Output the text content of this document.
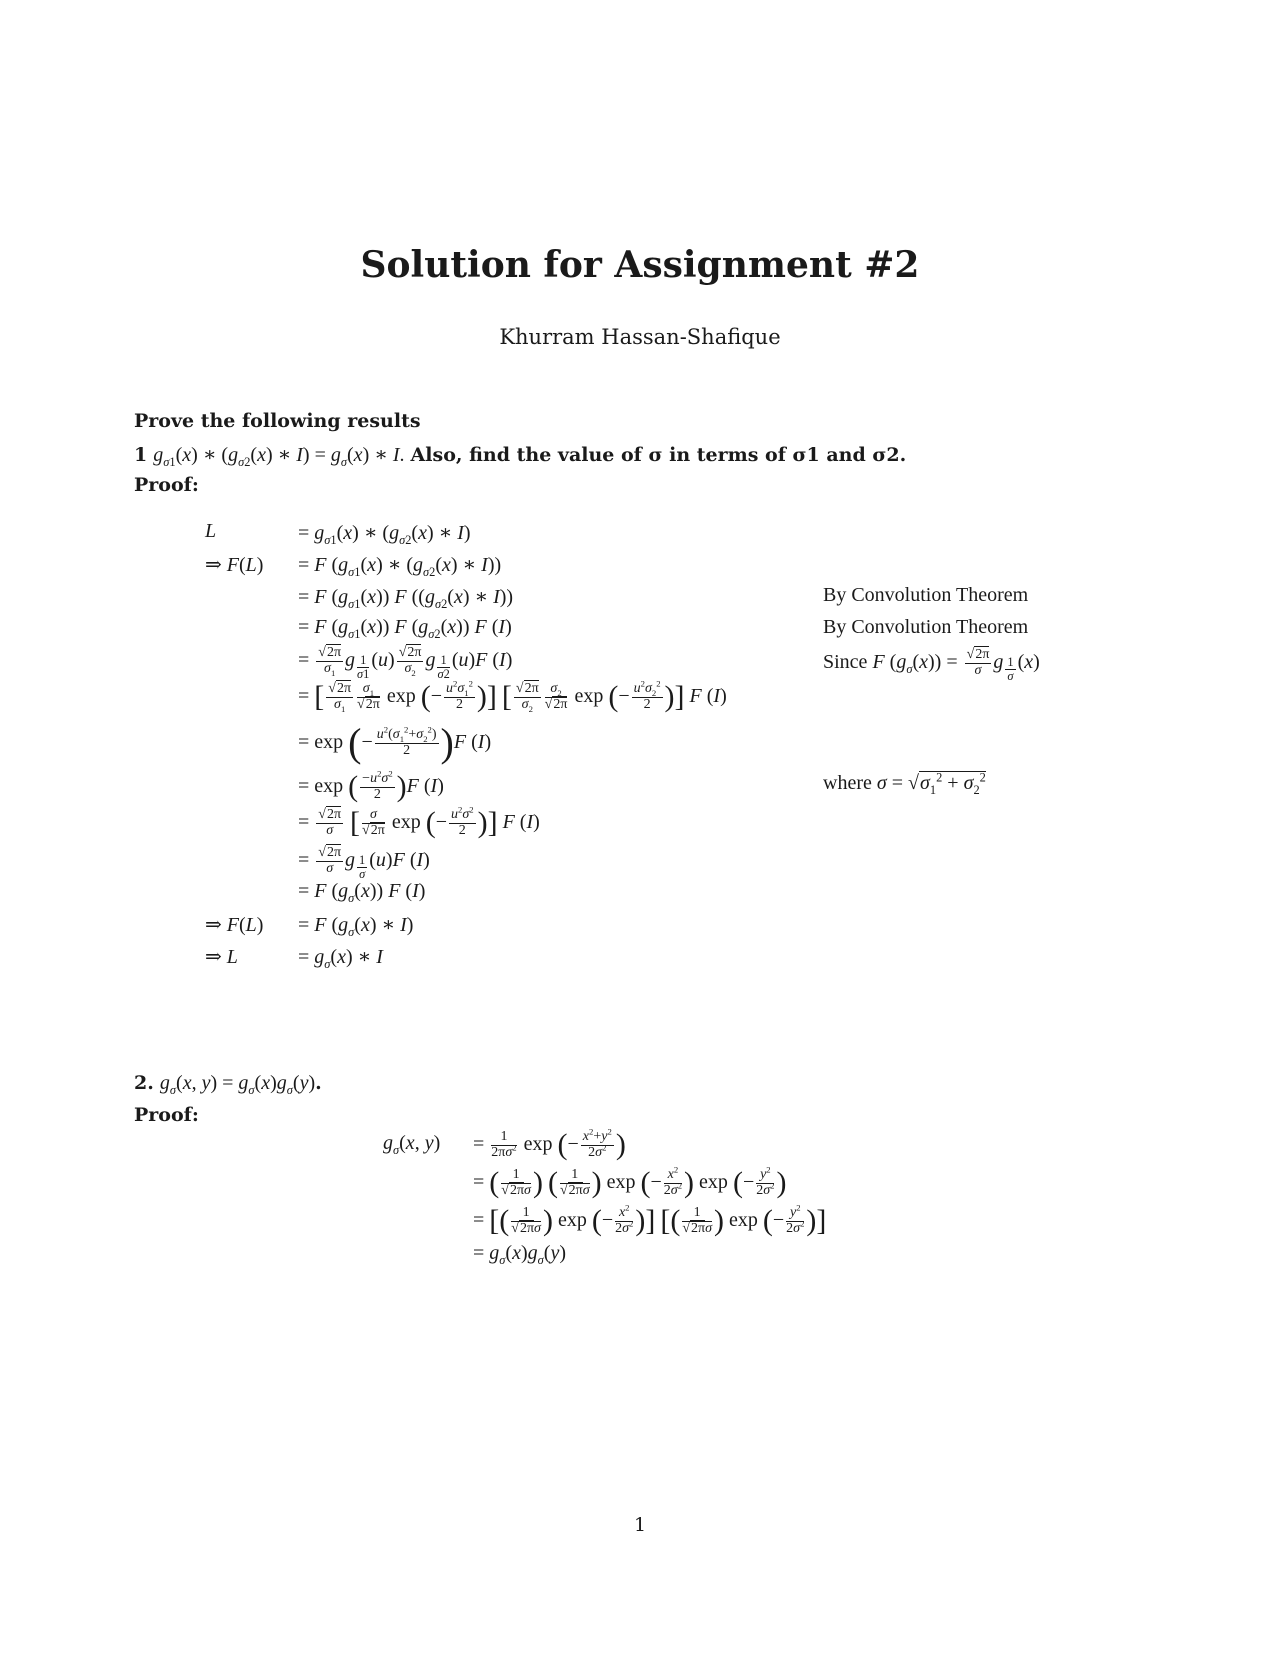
Solution for Assignment #2
Khurram Hassan-Shafique
Prove the following results
1 $g_{\sigma 1}(x)$ ∗ ($g_{\sigma 2}(x)$ ∗ $I) = g_\sigma(x)$ ∗ I. Also, find the value of σ in terms of σ1 and σ2.
Proof:
L	= $g_{\sigma 1}(x)$ ∗ ($g_{\sigma 2}(x)$ ∗ I)
⇒ F(L) = F ($g_{\sigma 1}(x)$ ∗ ($g_{\sigma 2}(x)$ ∗ I))
= F $(g_{\sigma 1}(x))$ F (($g_{\sigma 2}(x)$ ∗ I))	By Convolution Theorem
= F $(g_{\sigma 1}(x))$ F $(g_{\sigma 2}(x))$ F (I)	By Convolution Theorem
= $\frac{√2\pi}{\sigma_1}$ g $_{\frac{1}{\sigma 1}}$ $(u) \frac{√2\pi}{\sigma_2}$ g $_{\frac{1}{\sigma 2}}$ (u)F (I)	Since F $(g_\sigma(x)) = \frac{√2\pi}{\sigma}$ g $_{\frac{1}{\sigma}}$ (x)
= [ $\frac{√2\pi}{\sigma_1} \frac{\sigma_1}{√2\pi}$ exp (− $\frac{u^2\sigma_1^2}{2}$ )] [ $\frac{√2\pi}{\sigma_2} \frac{\sigma_2}{√2\pi}$ exp (− $\frac{u^2\sigma_2^2}{2}$ )] F (I)
= exp (− $\frac{u^2(\sigma_1^2+\sigma_2^2)}{2} )F$ (I)
= exp ( $\frac{-u^2\sigma^2}{2} )F$ (I)	where $\sigma = √\sigma_1^2 + \sigma_2^2$
= $\frac{√2\pi}{\sigma}$ [ $\frac{\sigma}{√2\pi}$ exp (− $\frac{u^2\sigma^2}{2}$ )] F (I)
= $\frac{√2\pi}{\sigma}$ g $_{\frac{1}{\sigma}}$ (u)F (I)
= F $(g_\sigma(x))$ F (I)
⇒ F(L) = F ($g_\sigma(x)$ ∗ I)
⇒ L	= $g_\sigma(x)$ ∗ I
2. $g_\sigma(x$, $y) = g_\sigma(x)g_\sigma(y)$.
Proof:
$g_\sigma(x$, $y) = \frac{1}{2\pi\sigma^2}$ exp (− $\frac{x^2+y^2}{2\sigma^2}$ )
= ( $\frac{1}{√2\pi\sigma}$ ) ( $\frac{1}{√2\pi\sigma}$ ) exp (− $\frac{x^2}{2\sigma^2}$ ) exp (− $\frac{y^2}{2\sigma^2}$ )
= [( $\frac{1}{√2\pi\sigma}$ ) exp (− $\frac{x^2}{2\sigma^2}$ )] [( $\frac{1}{√2\pi\sigma}$ ) exp (− $\frac{y^2}{2\sigma^2}$ )]
= $g_\sigma(x)g_\sigma(y)$
1
